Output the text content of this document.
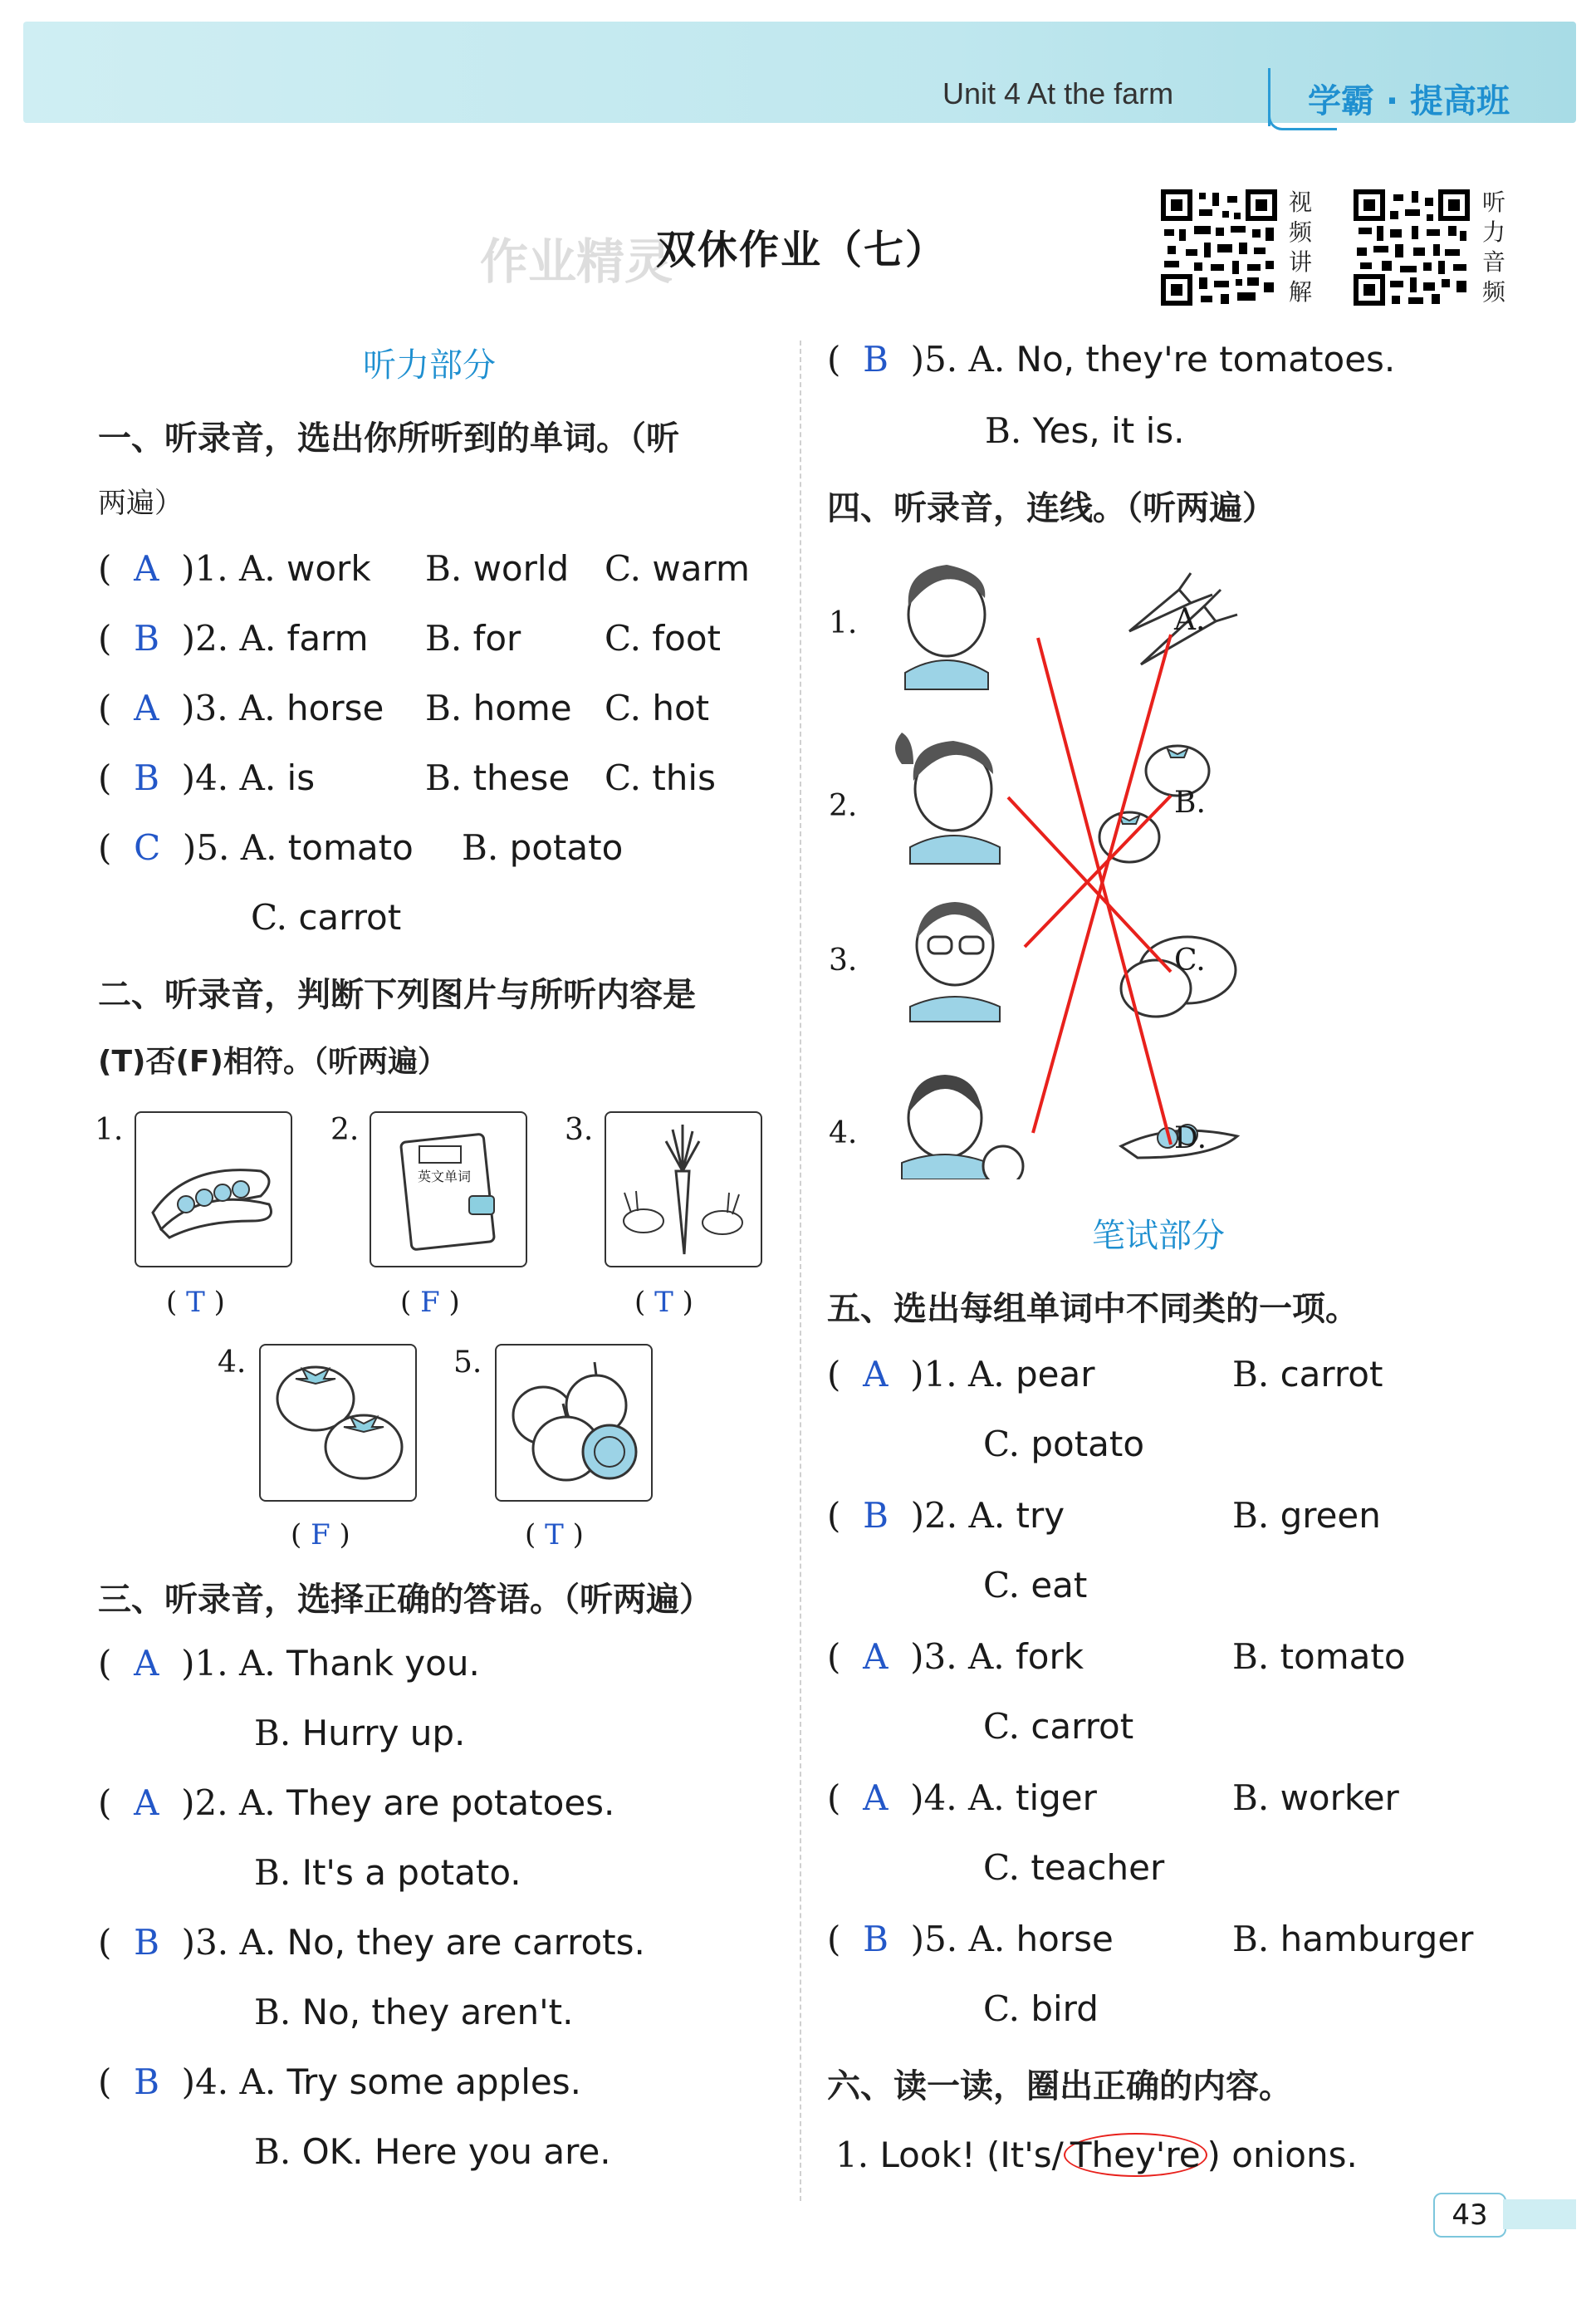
Unit 4 At the farm	学霸 · 提高班
作业精灵
双休作业（七）
视频讲解
听力音频
听力部分
一、听录音，选出你所听到的单词。（听
两遍）
(  A  )1. A. work B. world C. warm
(  B  )2. A. farm B. for C. foot
(  A  )3. A. horse B. home C. hot
(  B  )4. A. is	B. these C. this
(  C  )5. A. tomato B. potato
C. carrot
二、听录音，判断下列图片与所听内容是
(T)否(F)相符。（听两遍）
1.
( T )
2.
英文单词
( F )
3.
( T )
4.
( F )
5.
( T )
三、听录音，选择正确的答语。（听两遍）
(  A  )1. A. Thank you.
B. Hurry up.
(  A  )2. A. They are potatoes.
B. It's a potato.
(  B  )3. A. No, they are carrots.
B. No, they aren't.
(  B  )4. A. Try some apples.
B. OK. Here you are.
(  B  )5. A. No, they're tomatoes.
B. Yes, it is.
四、听录音，连线。（听两遍）
1.
2.
3.
4.
A.
B.
C.
D.
笔试部分
五、选出每组单词中不同类的一项。
(  A  )1. A. pear	B. carrot
C. potato
(  B  )2. A. try	B. green
C. eat
(  A  )3. A. fork	B. tomato
C. carrot
(  A  )4. A. tiger	B. worker
C. teacher
(  B  )5. A. horse	B. hamburger
C. bird
六、读一读，圈出正确的内容。
1. Look! (It's/ They're ) onions.
43
